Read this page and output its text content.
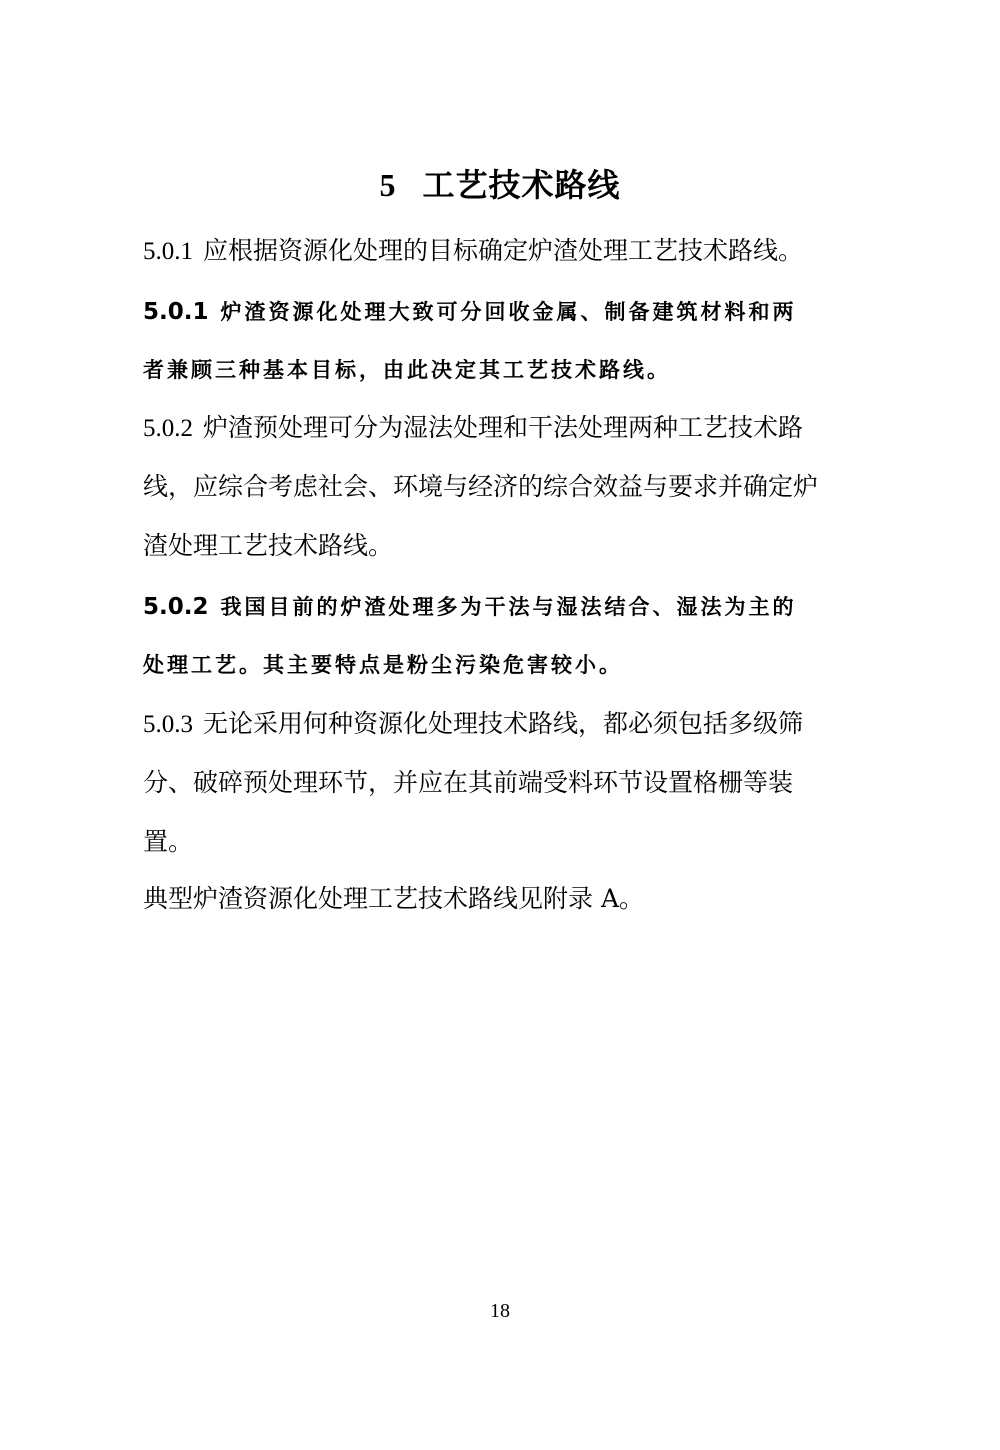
5 工艺技术路线
5.0.1 应根据资源化处理的目标确定炉渣处理工艺技术路线。
5.0.1 炉渣资源化处理大致可分回收金属、制备建筑材料和两
者兼顾三种基本目标，由此决定其工艺技术路线。
5.0.2 炉渣预处理可分为湿法处理和干法处理两种工艺技术路
线，应综合考虑社会、环境与经济的综合效益与要求并确定炉
渣处理工艺技术路线。
5.0.2 我国目前的炉渣处理多为干法与湿法结合、湿法为主的
处理工艺。其主要特点是粉尘污染危害较小。
5.0.3 无论采用何种资源化处理技术路线，都必须包括多级筛
分、破碎预处理环节，并应在其前端受料环节设置格栅等装
置。
典型炉渣资源化处理工艺技术路线见附录 A。
18
